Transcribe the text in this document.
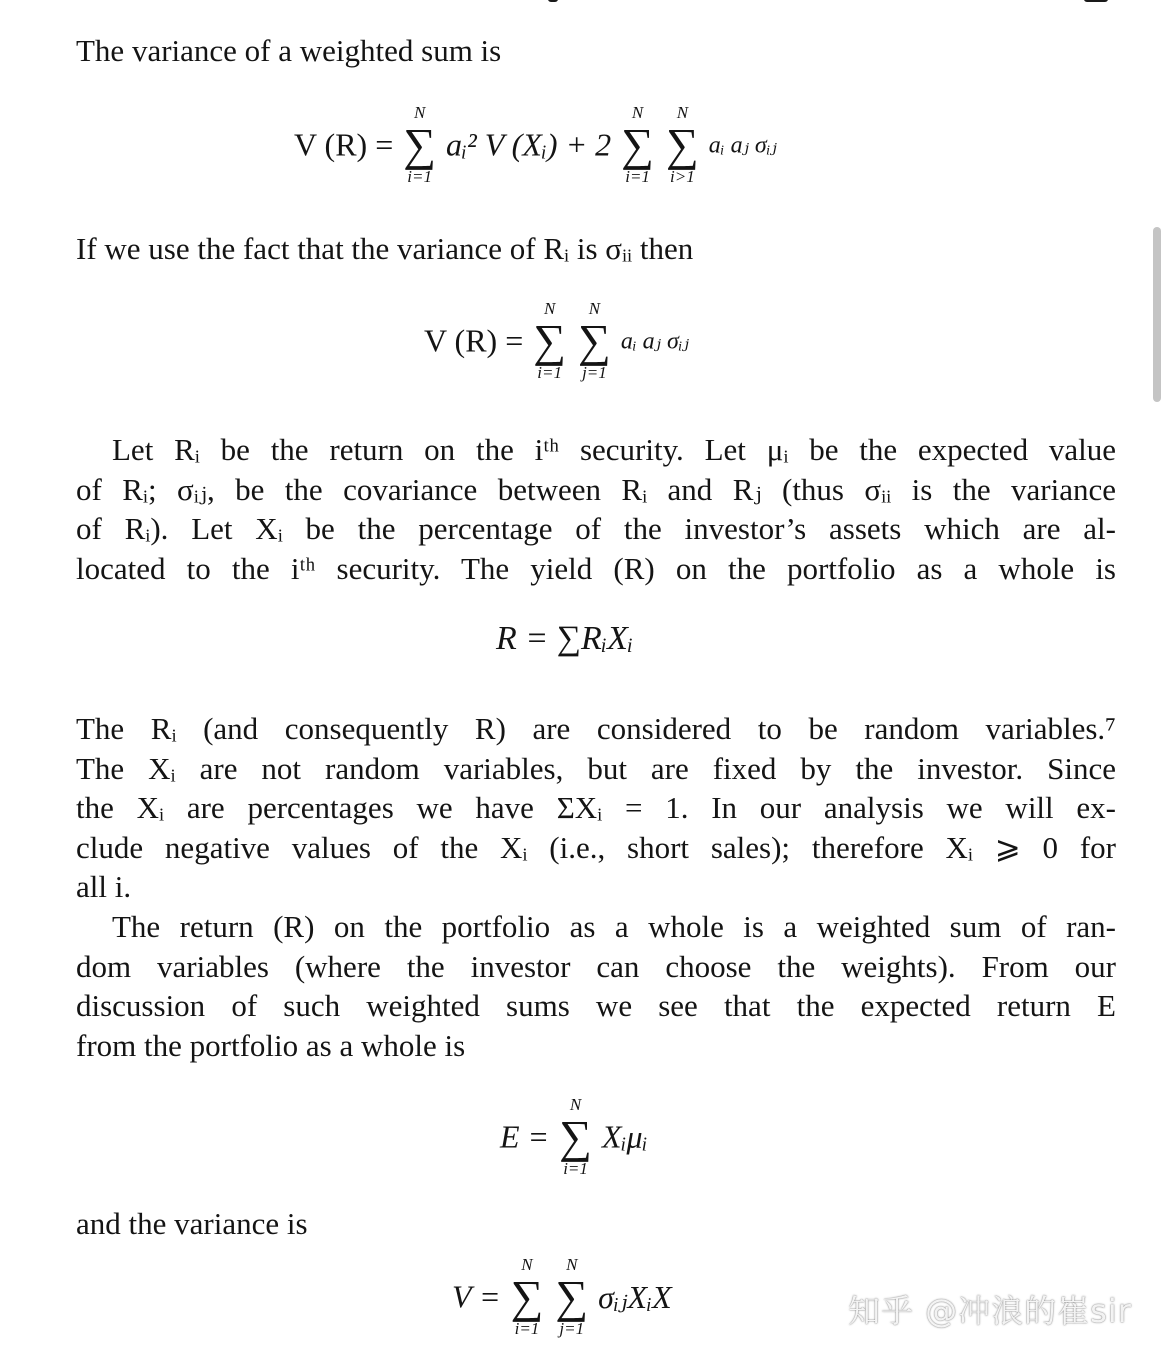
The variance of a weighted sum is
V (R) =
N
∑
i=1
aᵢ² V (Xᵢ) + 2
N
∑
i=1

N
∑
i>1
aᵢ aⱼ σᵢⱼ
If we use the fact that the variance of Rᵢ is σᵢᵢ then
V (R) =
N
∑
i=1

N
∑
j=1
aᵢ aⱼ σᵢⱼ
Let Rᵢ be the return on the iᵗʰ security. Let μᵢ be the expected value
of Rᵢ; σᵢⱼ, be the covariance between Rᵢ and Rⱼ (thus σᵢᵢ is the variance
of Rᵢ). Let Xᵢ be the percentage of the investor’s assets which are al-
located to the iᵗʰ security. The yield (R) on the portfolio as a whole is
R = ∑RᵢXᵢ
The Rᵢ (and consequently R) are considered to be random variables.⁷
The Xᵢ are not random variables, but are fixed by the investor. Since
the Xᵢ are percentages we have ΣXᵢ = 1. In our analysis we will ex-
clude negative values of the Xᵢ (i.e., short sales); therefore Xᵢ ⩾ 0 for
all i.
The return (R) on the portfolio as a whole is a weighted sum of ran-
dom variables (where the investor can choose the weights). From our
discussion of such weighted sums we see that the expected return E
from the portfolio as a whole is
E =
N
∑
i=1
Xᵢμᵢ
and the variance is
V =
N
∑
i=1

N
∑
j=1
σᵢⱼXᵢX	知乎 @冲浪的崔sir
